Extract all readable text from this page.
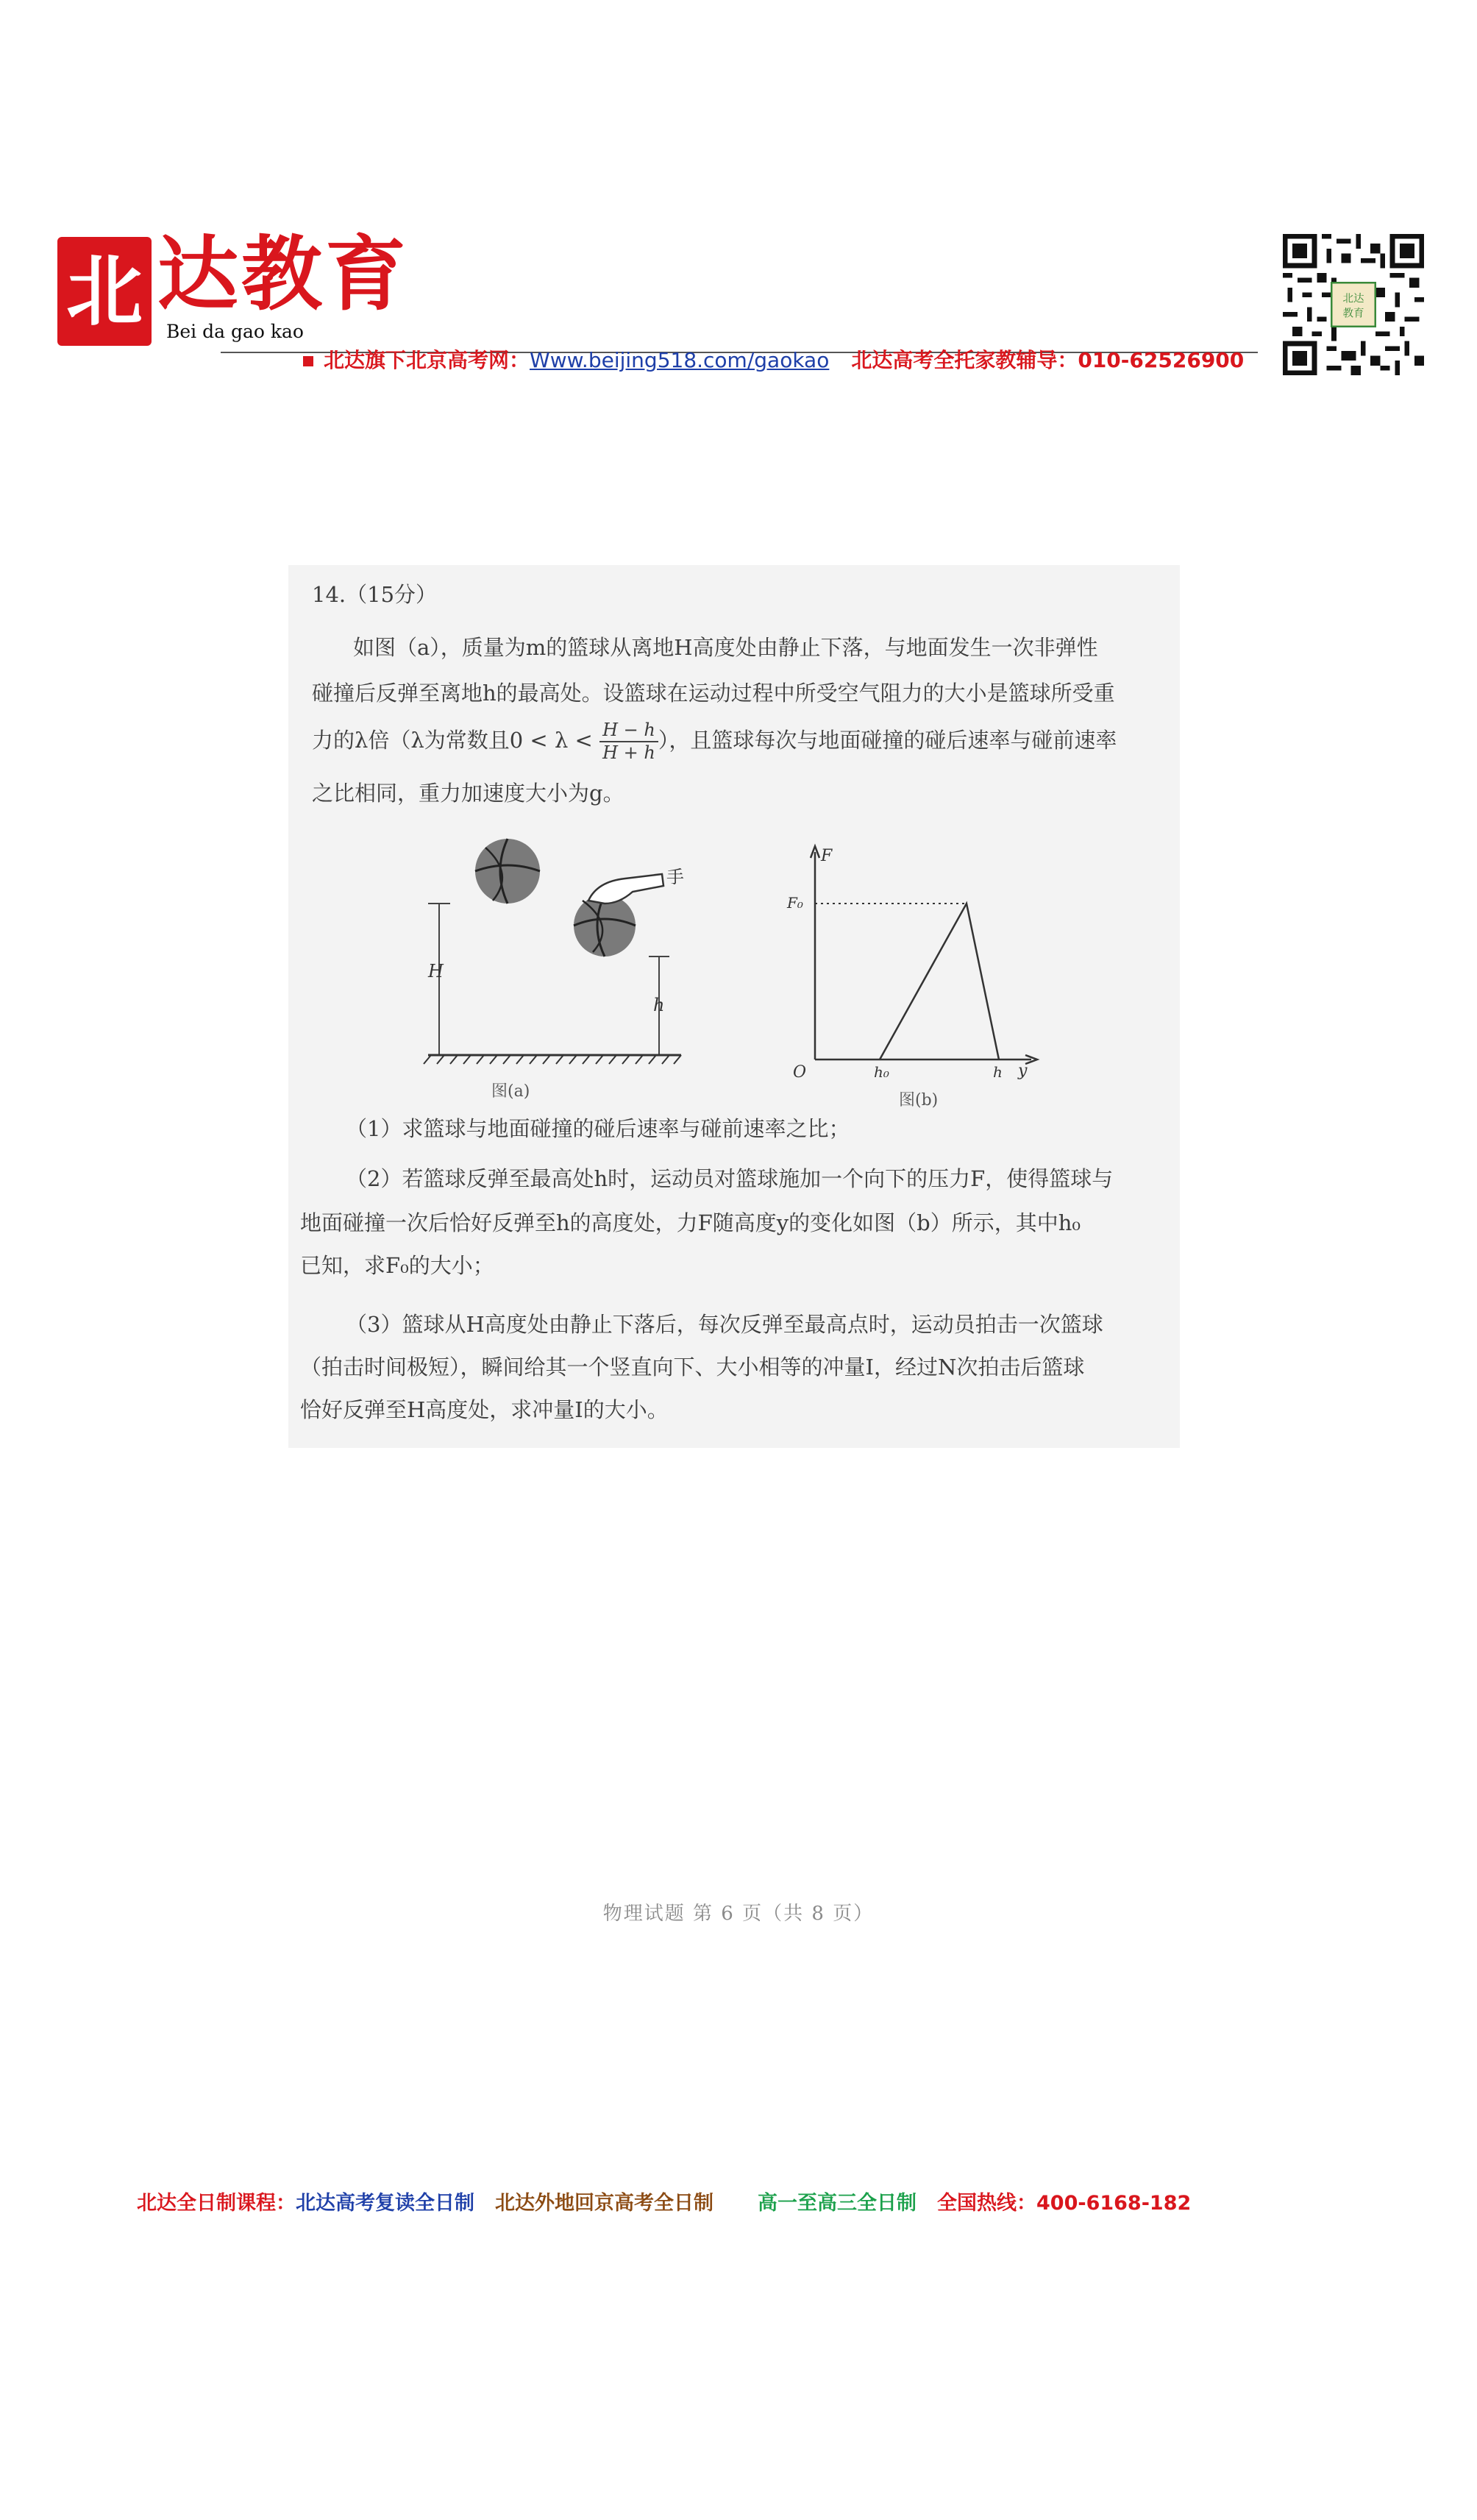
北 达教育
Bei da gao kao
北达旗下北京高考网：Www.beijing518.com/gaokao 北达高考全托家教辅导：010-62526900
北达
教育
14.（15分）
如图（a），质量为m的篮球从离地H高度处由静止下落，与地面发生一次非弹性
碰撞后反弹至离地h的最高处。设篮球在运动过程中所受空气阻力的大小是篮球所受重
力的λ倍（λ为常数且$0 < \lambda < \frac{H - h}{H + h}$ ），且篮球每次与地面碰撞的碰后速率与碰前速率
之比相同，重力加速度大小为g。
手
H
h
图(a)
F
y
O
F₀
h₀	h
图(b)
（1）求篮球与地面碰撞的碰后速率与碰前速率之比；
（2）若篮球反弹至最高处h时，运动员对篮球施加一个向下的压力F，使得篮球与
地面碰撞一次后恰好反弹至h的高度处，力F随高度y的变化如图（b）所示，其中h₀
已知，求F₀的大小；
（3）篮球从H高度处由静止下落后，每次反弹至最高点时，运动员拍击一次篮球
（拍击时间极短），瞬间给其一个竖直向下、大小相等的冲量I，经过N次拍击后篮球
恰好反弹至H高度处，求冲量I的大小。
物理试题 第 6 页（共 8 页）
北达全日制课程：北达高考复读全日制 北达外地回京高考全日制 高一至高三全日制 全国热线：400-6168-182
